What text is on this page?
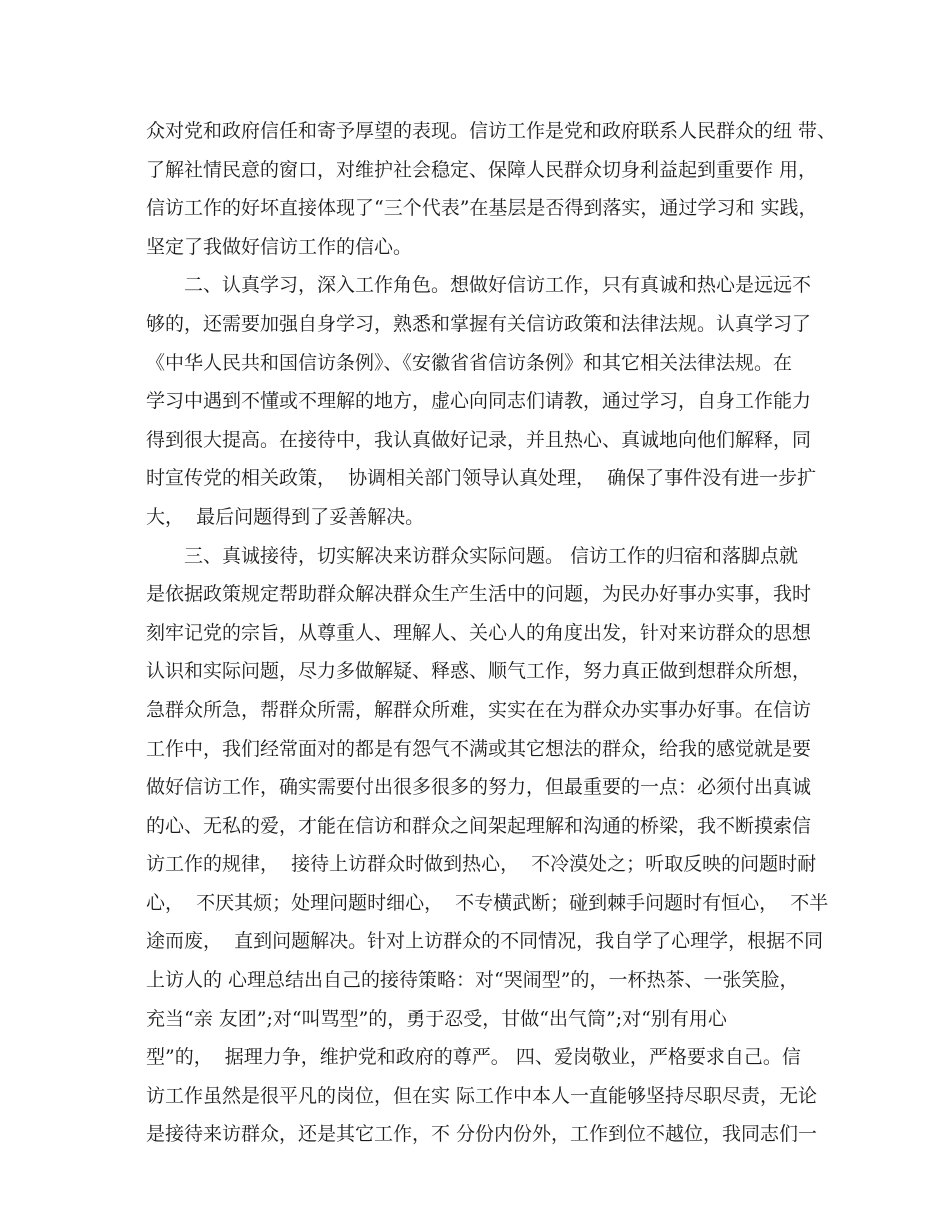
众对党和政府信任和寄予厚望的表现。信访工作是党和政府联系人民群众的纽 带、
了解社情民意的窗口，对维护社会稳定、保障人民群众切身利益起到重要作 用，
信访工作的好坏直接体现了“三个代表”在基层是否得到落实，通过学习和 实践，
坚定了我做好信访工作的信心。
二、认真学习，深入工作角色。想做好信访工作，只有真诚和热心是远远不
够的，还需要加强自身学习，熟悉和掌握有关信访政策和法律法规。认真学习了
《中华人民共和国信访条例》、《安徽省省信访条例》和其它相关法律法规。在
学习中遇到不懂或不理解的地方，虚心向同志们请教，通过学习，自身工作能力
得到很大提高。在接待中，我认真做好记录，并且热心、真诚地向他们解释，同
时宣传党的相关政策，  协调相关部门领导认真处理，  确保了事件没有进一步扩
大，  最后问题得到了妥善解决。
三、真诚接待，切实解决来访群众实际问题。 信访工作的归宿和落脚点就
是依据政策规定帮助群众解决群众生产生活中的问题，为民办好事办实事，我时
刻牢记党的宗旨，从尊重人、理解人、关心人的角度出发，针对来访群众的思想
认识和实际问题，尽力多做解疑、释惑、顺气工作，努力真正做到想群众所想，
急群众所急，帮群众所需，解群众所难，实实在在为群众办实事办好事。在信访
工作中，我们经常面对的都是有怨气不满或其它想法的群众，给我的感觉就是要
做好信访工作，确实需要付出很多很多的努力，但最重要的一点：必须付出真诚
的心、无私的爱，才能在信访和群众之间架起理解和沟通的桥梁，我不断摸索信
访工作的规律，  接待上访群众时做到热心，  不冷漠处之；听取反映的问题时耐
心，  不厌其烦；处理问题时细心，  不专横武断；碰到棘手问题时有恒心，  不半
途而废，  直到问题解决。针对上访群众的不同情况，我自学了心理学，根据不同
上访人的 心理总结出自己的接待策略：对“哭闹型”的，一杯热茶、一张笑脸，
充当“亲 友团”;对“叫骂型”的，勇于忍受，甘做“出气筒”;对“别有用心
型”的，  据理力争，维护党和政府的尊严。 四、爱岗敬业，严格要求自己。信
访工作虽然是很平凡的岗位，但在实 际工作中本人一直能够坚持尽职尽责，无论
是接待来访群众，还是其它工作，不 分份内份外，工作到位不越位，我同志们一
